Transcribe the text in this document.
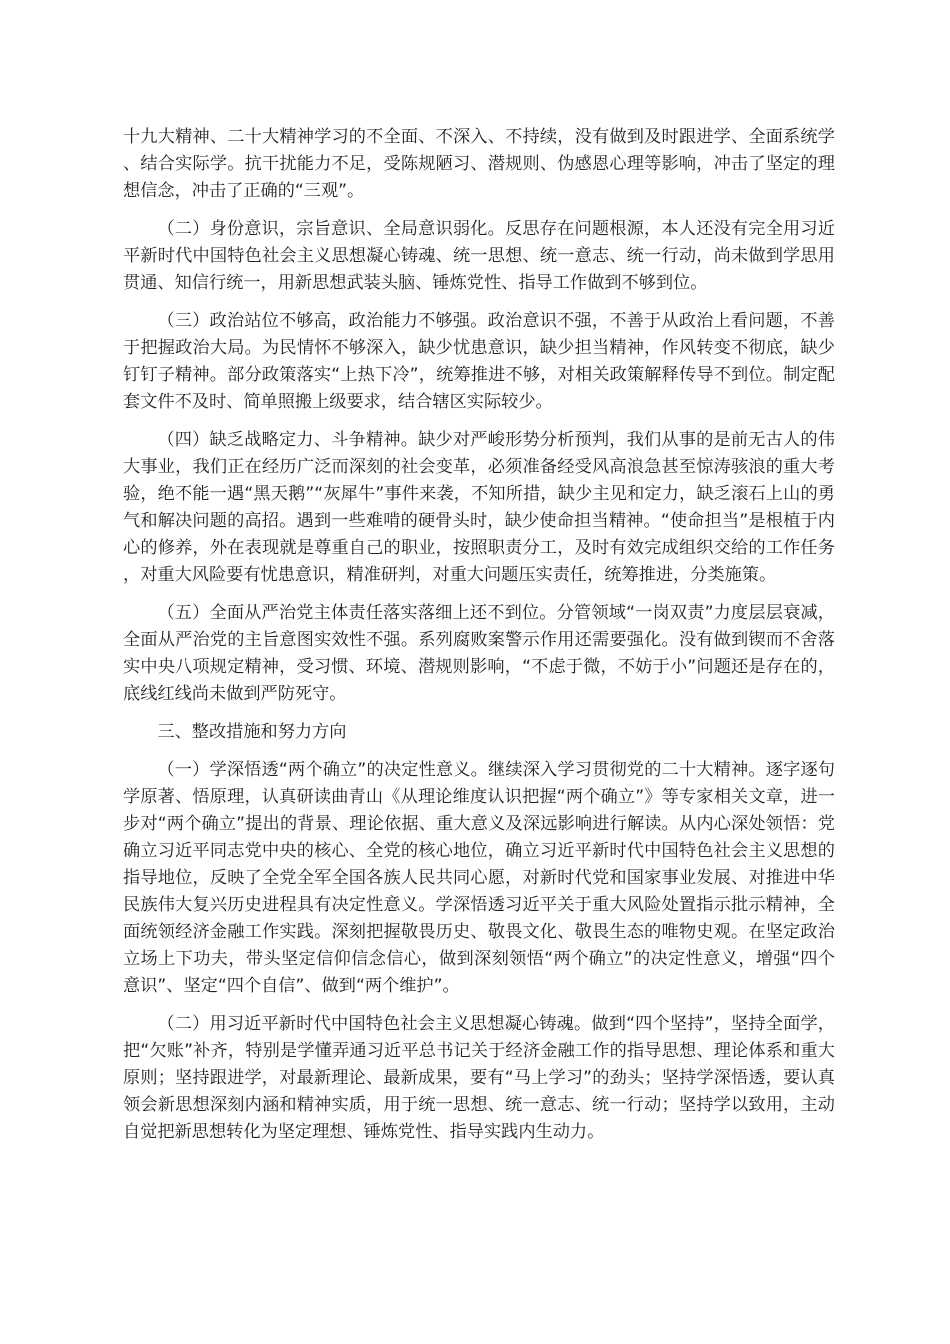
十九大精神、二十大精神学习的不全面、不深入、不持续，没有做到及时跟进学、全面系统学、结合实际学。抗干扰能力不足，受陈规陋习、潜规则、伪感恩心理等影响，冲击了坚定的理想信念，冲击了正确的“三观”。

（二）身份意识，宗旨意识、全局意识弱化。反思存在问题根源，本人还没有完全用习近平新时代中国特色社会主义思想凝心铸魂、统一思想、统一意志、统一行动，尚未做到学思用贯通、知信行统一，用新思想武装头脑、锤炼党性、指导工作做到不够到位。

（三）政治站位不够高，政治能力不够强。政治意识不强，不善于从政治上看问题，不善于把握政治大局。为民情怀不够深入，缺少忧患意识，缺少担当精神，作风转变不彻底，缺少钉钉子精神。部分政策落实“上热下冷”，统筹推进不够，对相关政策解释传导不到位。制定配套文件不及时、简单照搬上级要求，结合辖区实际较少。

（四）缺乏战略定力、斗争精神。缺少对严峻形势分析预判，我们从事的是前无古人的伟大事业，我们正在经历广泛而深刻的社会变革，必须准备经受风高浪急甚至惊涛骇浪的重大考验，绝不能一遇“黑天鹅”“灰犀牛”事件来袭，不知所措，缺少主见和定力，缺乏滚石上山的勇气和解决问题的高招。遇到一些难啃的硬骨头时，缺少使命担当精神。“使命担当”是根植于内心的修养，外在表现就是尊重自己的职业，按照职责分工，及时有效完成组织交给的工作任务，对重大风险要有忧患意识，精准研判，对重大问题压实责任，统筹推进，分类施策。

（五）全面从严治党主体责任落实落细上还不到位。分管领域“一岗双责”力度层层衰减，全面从严治党的主旨意图实效性不强。系列腐败案警示作用还需要强化。没有做到锲而不舍落实中央八项规定精神，受习惯、环境、潜规则影响，“不虑于微，不妨于小”问题还是存在的，底线红线尚未做到严防死守。

三、整改措施和努力方向

（一）学深悟透“两个确立”的决定性意义。继续深入学习贯彻党的二十大精神。逐字逐句学原著、悟原理，认真研读曲青山《从理论维度认识把握“两个确立”》等专家相关文章，进一步对“两个确立”提出的背景、理论依据、重大意义及深远影响进行解读。从内心深处领悟：党确立习近平同志党中央的核心、全党的核心地位，确立习近平新时代中国特色社会主义思想的指导地位，反映了全党全军全国各族人民共同心愿，对新时代党和国家事业发展、对推进中华民族伟大复兴历史进程具有决定性意义。学深悟透习近平关于重大风险处置指示批示精神，全面统领经济金融工作实践。深刻把握敬畏历史、敬畏文化、敬畏生态的唯物史观。在坚定政治立场上下功夫，带头坚定信仰信念信心，做到深刻领悟“两个确立”的决定性意义，增强“四个意识”、坚定“四个自信”、做到“两个维护”。

（二）用习近平新时代中国特色社会主义思想凝心铸魂。做到“四个坚持”，坚持全面学，把“欠账”补齐，特别是学懂弄通习近平总书记关于经济金融工作的指导思想、理论体系和重大原则；坚持跟进学，对最新理论、最新成果，要有“马上学习”的劲头；坚持学深悟透，要认真领会新思想深刻内涵和精神实质，用于统一思想、统一意志、统一行动；坚持学以致用，主动自觉把新思想转化为坚定理想、锤炼党性、指导实践内生动力。
